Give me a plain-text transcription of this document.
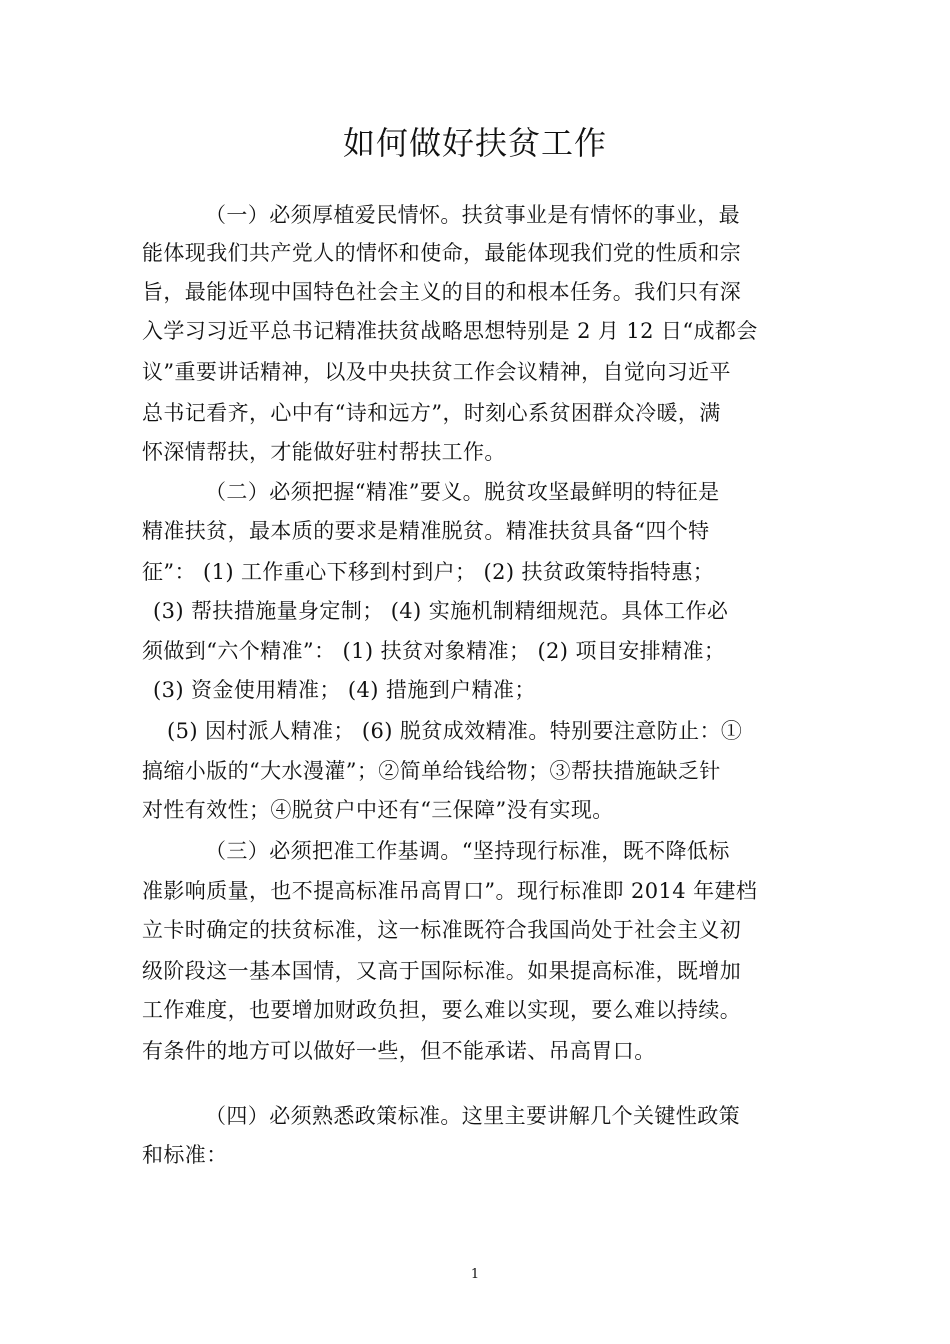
如何做好扶贫工作
（一）必须厚植爱民情怀。扶贫事业是有情怀的事业，最
能体现我们共产党人的情怀和使命，最能体现我们党的性质和宗
旨，最能体现中国特色社会主义的目的和根本任务。我们只有深
入学习习近平总书记精准扶贫战略思想特别是 2 月 12 日“成都会
议”重要讲话精神，以及中央扶贫工作会议精神，自觉向习近平
总书记看齐，心中有“诗和远方”，时刻心系贫困群众冷暖，满
怀深情帮扶，才能做好驻村帮扶工作。
（二）必须把握“精准”要义。脱贫攻坚最鲜明的特征是
精准扶贫，最本质的要求是精准脱贫。精准扶贫具备“四个特
征”： (1) 工作重心下移到村到户； (2) 扶贫政策特指特惠；
(3) 帮扶措施量身定制； (4) 实施机制精细规范。具体工作必
须做到“六个精准”： (1) 扶贫对象精准； (2) 项目安排精准；
(3) 资金使用精准； (4) 措施到户精准；
(5) 因村派人精准； (6) 脱贫成效精准。特别要注意防止：①
搞缩小版的“大水漫灌”；②简单给钱给物；③帮扶措施缺乏针
对性有效性；④脱贫户中还有“三保障”没有实现。
（三）必须把准工作基调。“坚持现行标准，既不降低标
准影响质量，也不提高标准吊高胃口”。现行标准即 2014 年建档
立卡时确定的扶贫标准，这一标准既符合我国尚处于社会主义初
级阶段这一基本国情，又高于国际标准。如果提高标准，既增加
工作难度，也要增加财政负担，要么难以实现，要么难以持续。
有条件的地方可以做好一些，但不能承诺、吊高胃口。
（四）必须熟悉政策标准。这里主要讲解几个关键性政策
和标准：
1
